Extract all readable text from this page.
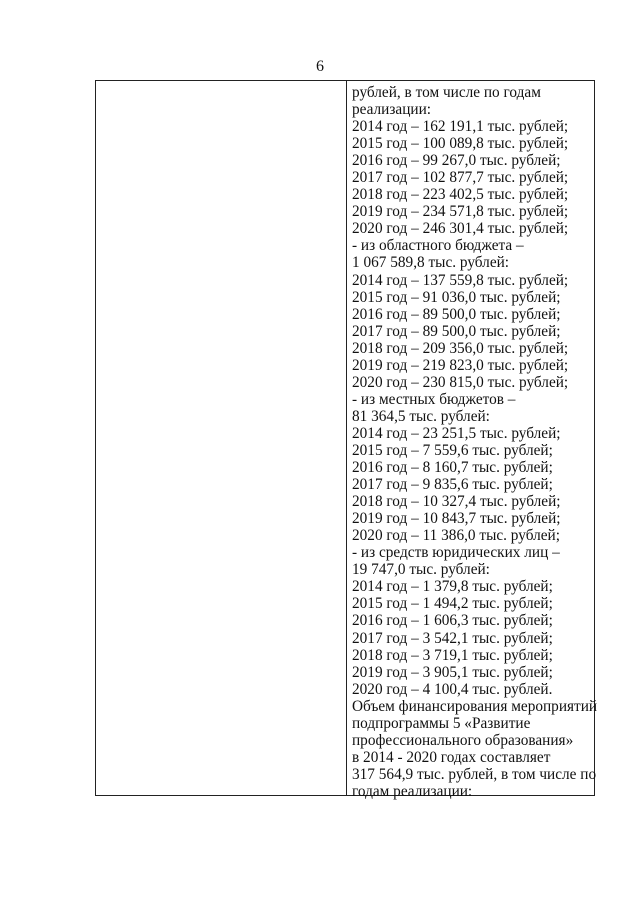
6
рублей, в том числе по годам
реализации:
2014 год – 162 191,1 тыс. рублей;
2015 год – 100 089,8 тыс. рублей;
2016 год – 99 267,0 тыс. рублей;
2017 год – 102 877,7 тыс. рублей;
2018 год – 223 402,5 тыс. рублей;
2019 год – 234 571,8 тыс. рублей;
2020 год – 246 301,4 тыс. рублей;
- из областного бюджета –
1 067 589,8 тыс. рублей:
2014 год – 137 559,8 тыс. рублей;
2015 год – 91 036,0 тыс. рублей;
2016 год – 89 500,0 тыс. рублей;
2017 год – 89 500,0 тыс. рублей;
2018 год – 209 356,0 тыс. рублей;
2019 год – 219 823,0 тыс. рублей;
2020 год – 230 815,0 тыс. рублей;
- из местных бюджетов –
81 364,5 тыс. рублей:
2014 год – 23 251,5 тыс. рублей;
2015 год – 7 559,6 тыс. рублей;
2016 год – 8 160,7 тыс. рублей;
2017 год – 9 835,6 тыс. рублей;
2018 год – 10 327,4 тыс. рублей;
2019 год – 10 843,7 тыс. рублей;
2020 год – 11 386,0 тыс. рублей;
- из средств юридических лиц –
19 747,0 тыс. рублей:
2014 год – 1 379,8 тыс. рублей;
2015 год – 1 494,2 тыс. рублей;
2016 год – 1 606,3 тыс. рублей;
2017 год – 3 542,1 тыс. рублей;
2018 год – 3 719,1 тыс. рублей;
2019 год – 3 905,1 тыс. рублей;
2020 год – 4 100,4 тыс. рублей.
Объем финансирования мероприятий
подпрограммы 5 «Развитие
профессионального образования»
в 2014 - 2020 годах составляет
317 564,9 тыс. рублей, в том числе по
годам реализации:
